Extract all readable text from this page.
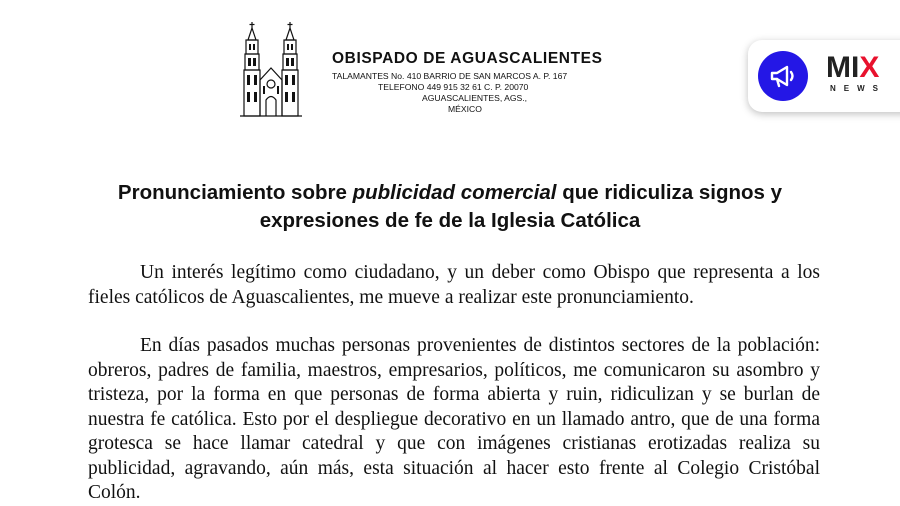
OBISPADO DE AGUASCALIENTES
TALAMANTES No. 410 BARRIO DE SAN MARCOS A. P. 167
TELEFONO 449 915 32 61 C. P. 20070
AGUASCALIENTES, AGS.,
MÉXICO
MIX
NEWS
Pronunciamiento sobre publicidad comercial que ridiculiza signos y expresiones de fe de la Iglesia Católica

Un interés legítimo como ciudadano, y un deber como Obispo que representa a los fieles católicos de Aguascalientes, me mueve a realizar este pronunciamiento.

En días pasados muchas personas provenientes de distintos sectores de la población: obreros, padres de familia, maestros, empresarios, políticos, me comunicaron su asombro y tristeza, por la forma en que personas de forma abierta y ruin, ridiculizan y se burlan de nuestra fe católica. Esto por el despliegue decorativo en un llamado antro, que de una forma grotesca se hace llamar catedral y que con imágenes cristianas erotizadas realiza su publicidad, agravando, aún más, esta situación al hacer esto frente al Colegio Cristóbal Colón.
